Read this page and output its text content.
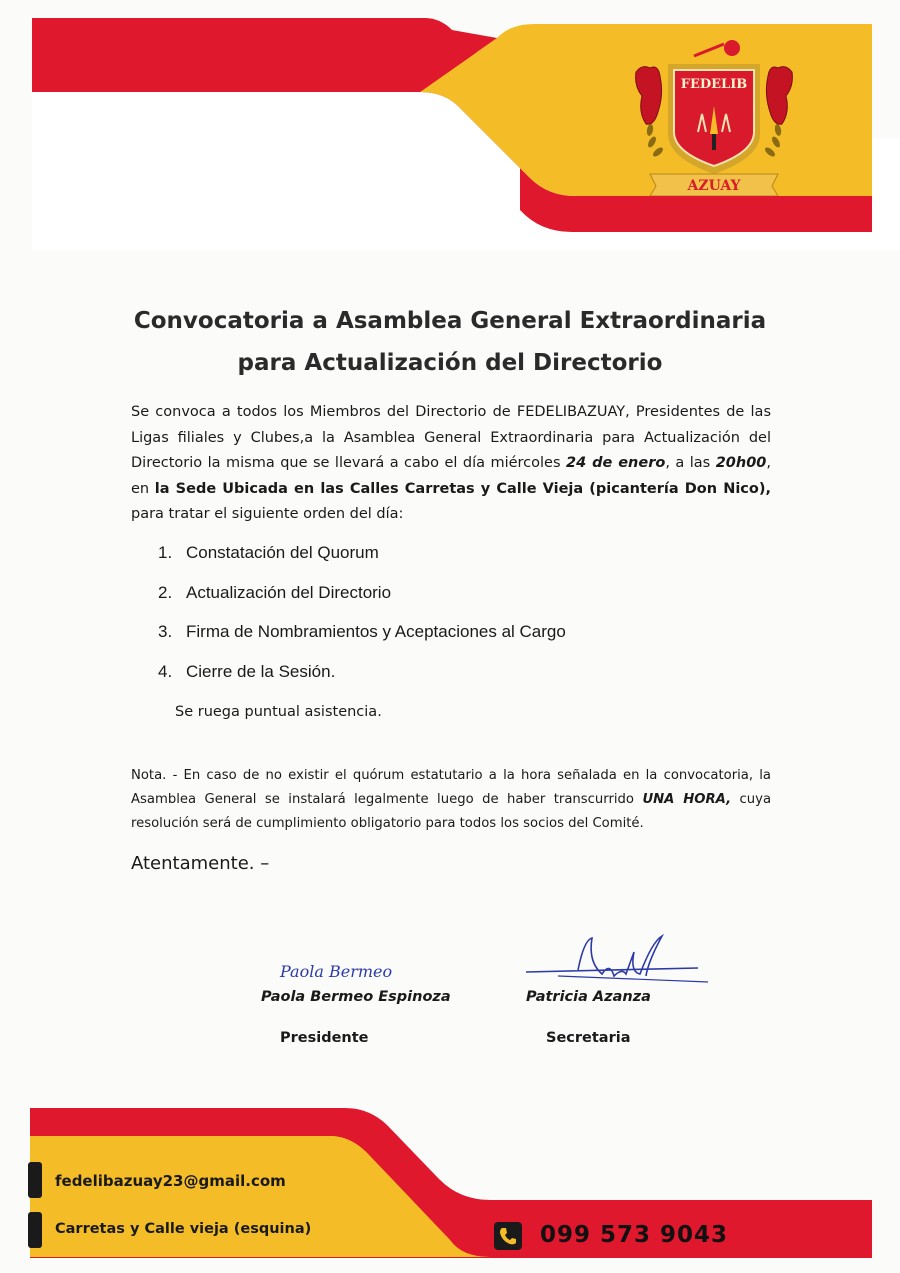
FEDELIB
AZUAY
Convocatoria a Asamblea General Extraordinaria
para Actualización del Directorio
Se convoca a todos los Miembros del Directorio de FEDELIBAZUAY, Presidentes de las Ligas filiales y Clubes,a la Asamblea General Extraordinaria para Actualización del Directorio la misma que se llevará a cabo el día miércoles 24 de enero, a las 20h00, en la Sede Ubicada en las Calles Carretas y Calle Vieja (picantería Don Nico), para tratar el siguiente orden del día:
1. Constatación del Quorum
2. Actualización del Directorio
3. Firma de Nombramientos y Aceptaciones al Cargo
4. Cierre de la Sesión.
Se ruega puntual asistencia.
Nota. - En caso de no existir el quórum estatutario a la hora señalada en la convocatoria, la Asamblea General se instalará legalmente luego de haber transcurrido UNA HORA, cuya resolución será de cumplimiento obligatorio para todos los socios del Comité.
Atentamente. –
Paola Bermeo
Paola Bermeo Espinoza	Patricia Azanza
Presidente	Secretaria
fedelibazuay23@gmail.com
Carretas y Calle vieja (esquina)	099 573 9043
